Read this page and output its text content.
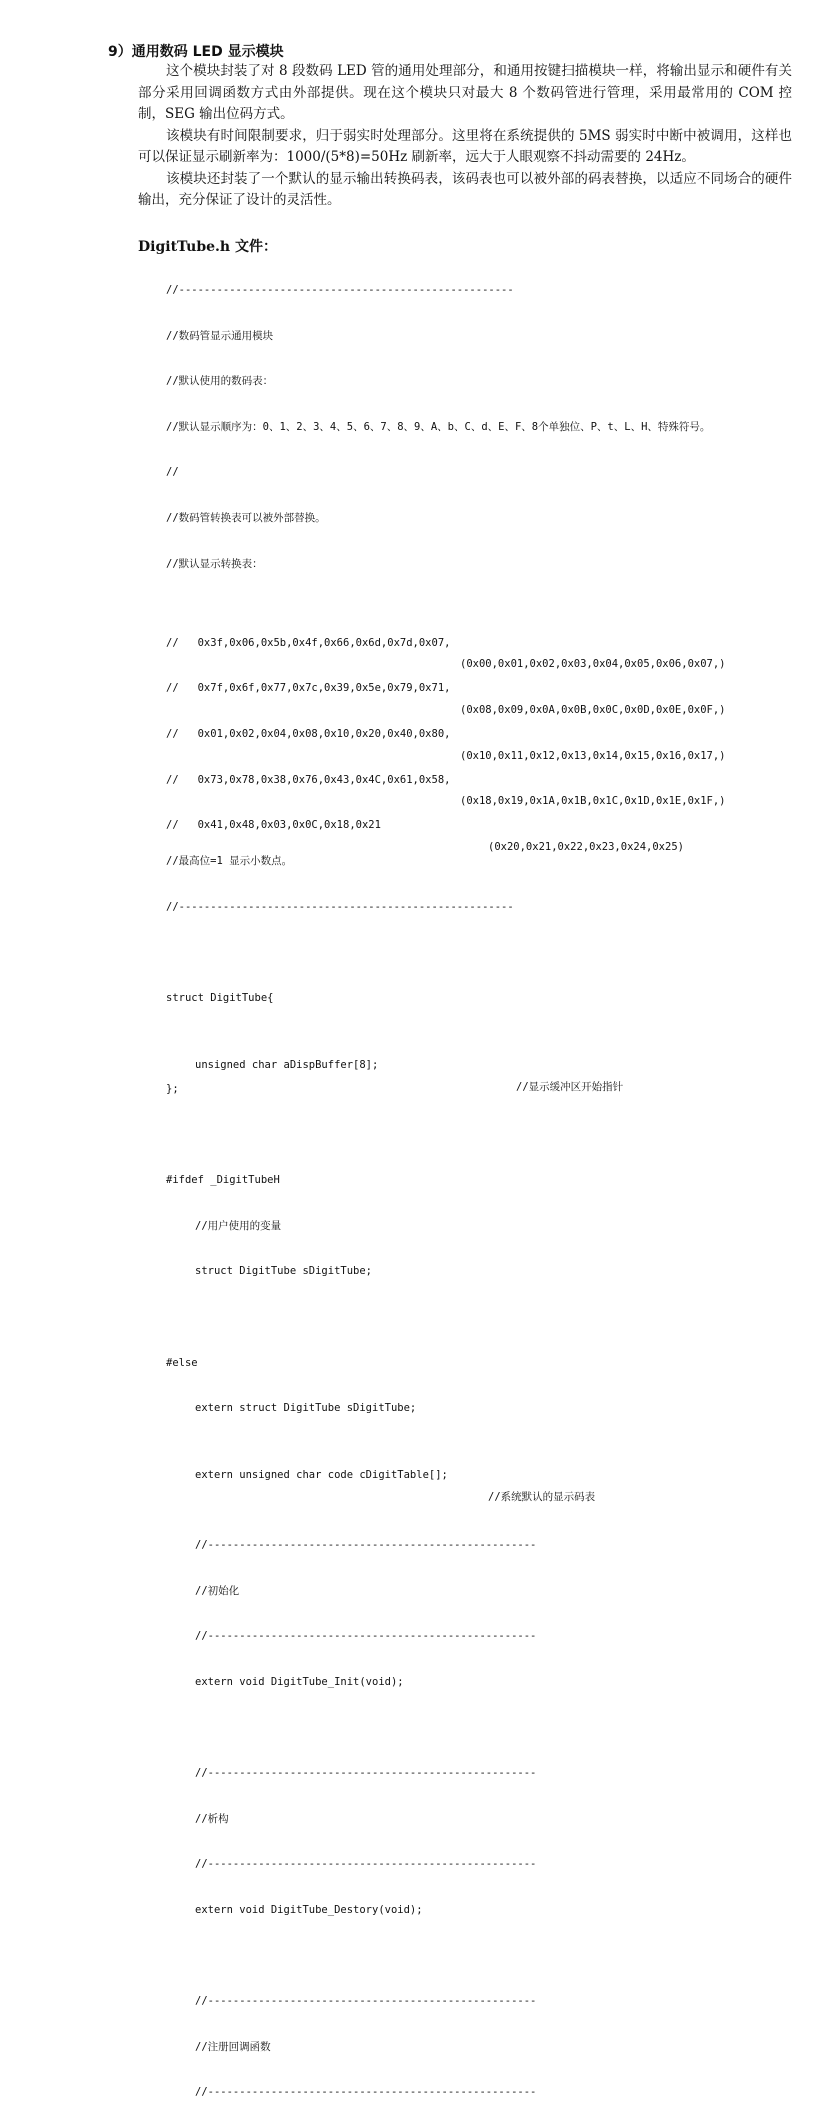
9）通用数码 LED 显示模块

这个模块封装了对 8 段数码 LED 管的通用处理部分，和通用按键扫描模块一样，将输出显示和硬件有关部分采用回调函数方式由外部提供。现在这个模块只对最大 8 个数码管进行管理，采用最常用的 COM 控制，SEG 输出位码方式。

该模块有时间限制要求，归于弱实时处理部分。这里将在系统提供的 5MS 弱实时中断中被调用，这样也可以保证显示刷新率为：1000/(5*8)=50Hz 刷新率，远大于人眼观察不抖动需要的 24Hz。

该模块还封装了一个默认的显示输出转换码表，该码表也可以被外部的码表替换，以适应不同场合的硬件输出，充分保证了设计的灵活性。

DigitTube.h 文件：

//-----------------------------------------------------

//数码管显示通用模块

//默认使用的数码表：

//默认显示顺序为：0、1、2、3、4、5、6、7、8、9、A、b、C、d、E、F、8个单独位、P、t、L、H、特殊符号。

//

//数码管转换表可以被外部替换。

//默认显示转换表：

//   0x3f,0x06,0x5b,0x4f,0x66,0x6d,0x7d,0x07,

(0x00,0x01,0x02,0x03,0x04,0x05,0x06,0x07,)

//   0x7f,0x6f,0x77,0x7c,0x39,0x5e,0x79,0x71,

(0x08,0x09,0x0A,0x0B,0x0C,0x0D,0x0E,0x0F,)

//   0x01,0x02,0x04,0x08,0x10,0x20,0x40,0x80,

(0x10,0x11,0x12,0x13,0x14,0x15,0x16,0x17,)

//   0x73,0x78,0x38,0x76,0x43,0x4C,0x61,0x58,

(0x18,0x19,0x1A,0x1B,0x1C,0x1D,0x1E,0x1F,)

//   0x41,0x48,0x03,0x0C,0x18,0x21

(0x20,0x21,0x22,0x23,0x24,0x25)

//最高位=1 显示小数点。

//-----------------------------------------------------

struct DigitTube{

unsigned char aDispBuffer[8];

//显示缓冲区开始指针

};

#ifdef _DigitTubeH

//用户使用的变量

struct DigitTube sDigitTube;

#else

extern struct DigitTube sDigitTube;

extern unsigned char code cDigitTable[];

//系统默认的显示码表

//----------------------------------------------------

//初始化

//----------------------------------------------------

extern void DigitTube_Init(void);

//----------------------------------------------------

//析构

//----------------------------------------------------

extern void DigitTube_Destory(void);

//----------------------------------------------------

//注册回调函数

//----------------------------------------------------
